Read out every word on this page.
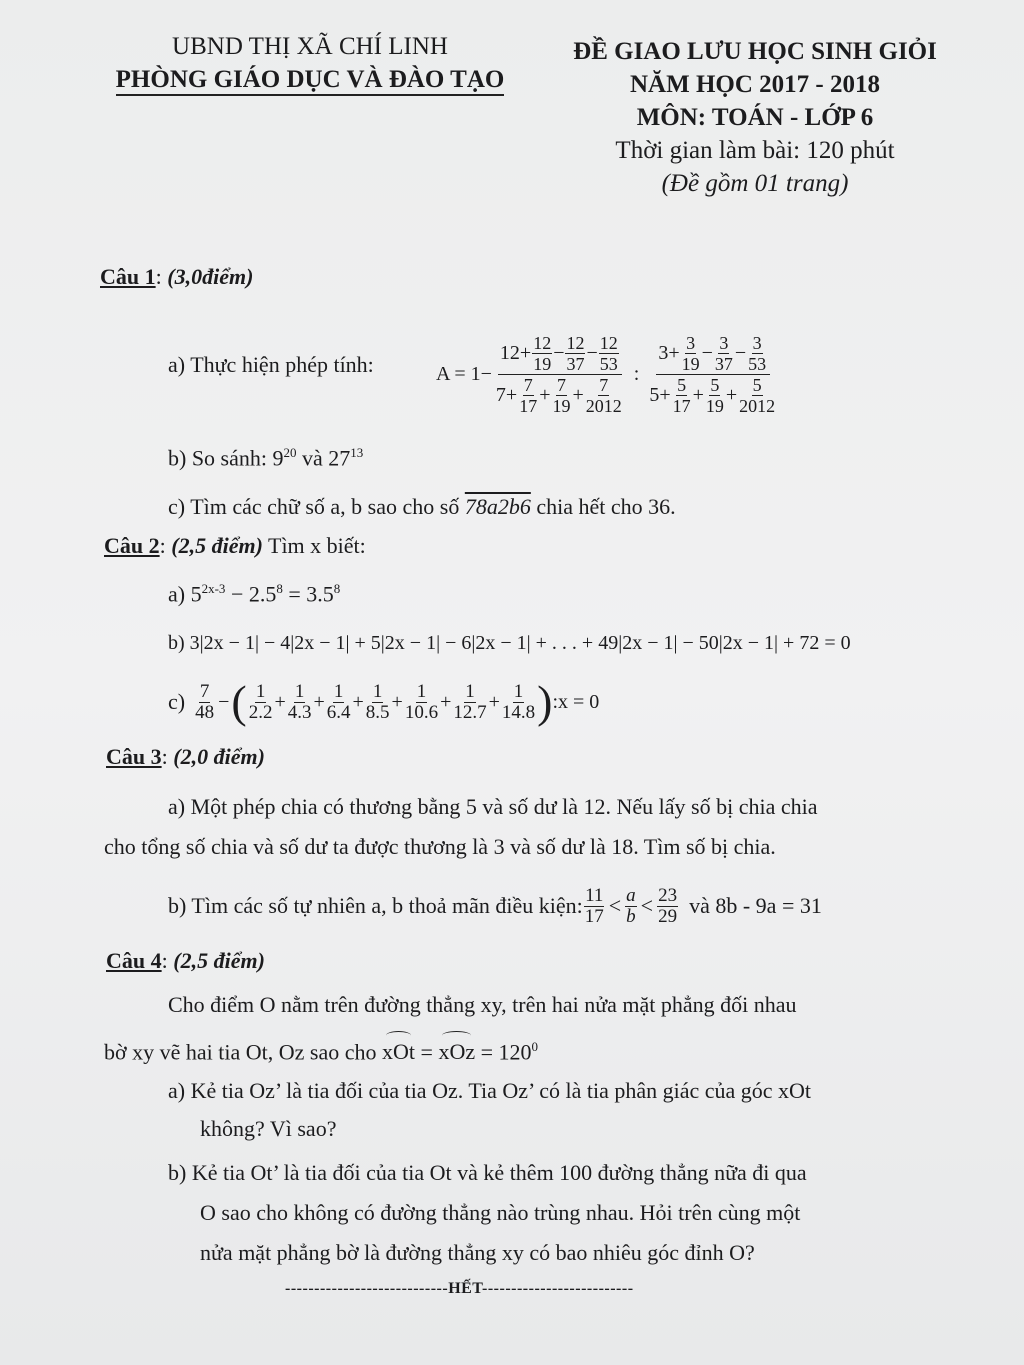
UBND THỊ XÃ CHÍ LINH
PHÒNG GIÁO DỤC VÀ ĐÀO TẠO
ĐỀ GIAO LƯU HỌC SINH GIỎI
NĂM HỌC 2017 - 2018
MÔN: TOÁN - LỚP 6
Thời gian làm bài: 120 phút
(Đề gồm 01 trang)
Câu 1: (3,0điểm)
a) Thực hiện phép tính:	$A = 1- 12+ \frac{12}{19} - 12$
37 − 12
53
$7+ \frac{7}{17} + 7$
19 + 7
2012 : $3+ \frac{3}{19} - 3$
37 − 3
53
$5+ \frac{5}{17} + 5$
19 + 5
2012
b) So sánh: $9^{20}$ và $27^{13}$
c) Tìm các chữ số a, b sao cho số 78a2b6 chia hết cho 36.
Câu 2: (2,5 điểm) Tìm x biết:
a) $5^{2x-3} - 2.5^8 = 3.5^8$
b) 3|2x − 1| − 4|2x − 1| + 5|2x − 1| − 6|2x − 1| + . . . + 49|2x − 1| − 50|2x − 1| + 72 = 0
c) 7
48 − ( $\frac{1}{2.2} + \frac{1}{4.3} + \frac{1}{6.4} + \frac{1}{8.5} + \frac{1}{10.6} + \frac{1}{12.7} + \frac{1}{14.8}$ ) :x = 0
Câu 3: (2,0 điểm)
a) Một phép chia có thương bằng 5 và số dư là 12. Nếu lấy số bị chia chia
cho tổng số chia và số dư ta được thương là 3 và số dư là 18. Tìm số bị chia.
b) Tìm các số tự nhiên a, b thoả mãn điều kiện: 11
17 < a
b < 23
29 và 8b - 9a = 31
Câu 4: (2,5 điểm)
Cho điểm O nằm trên đường thẳng xy, trên hai nửa mặt phẳng đối nhau
bờ xy vẽ hai tia Ot, Oz sao cho
xOt =
xOz = $120^0$
a) Kẻ tia Oz’ là tia đối của tia Oz. Tia Oz’ có là tia phân giác của góc xOt
không? Vì sao?
b) Kẻ tia Ot’ là tia đối của tia Ot và kẻ thêm 100 đường thẳng nữa đi qua
O sao cho không có đường thẳng nào trùng nhau. Hỏi trên cùng một
nửa mặt phẳng bờ là đường thẳng xy có bao nhiêu góc đỉnh O?
----------------------------HẾT--------------------------
